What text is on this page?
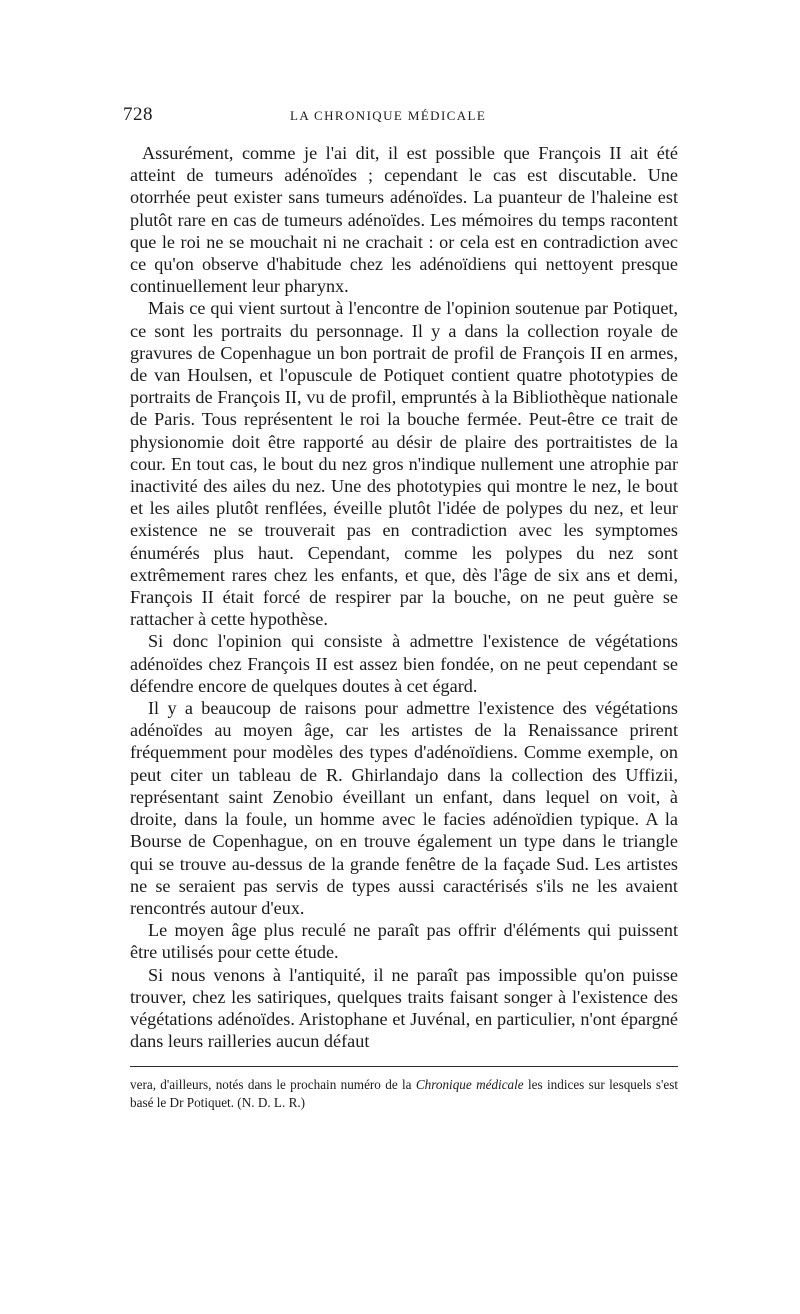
728	LA CHRONIQUE MÉDICALE

Assurément, comme je l'ai dit, il est possible que François II ait été atteint de tumeurs adénoïdes ; cependant le cas est discutable. Une otorrhée peut exister sans tumeurs adénoïdes. La puanteur de l'haleine est plutôt rare en cas de tumeurs adénoïdes. Les mémoires du temps racontent que le roi ne se mouchait ni ne crachait : or cela est en contradiction avec ce qu'on observe d'habitude chez les adénoïdiens qui nettoyent presque continuellement leur pharynx.

Mais ce qui vient surtout à l'encontre de l'opinion soutenue par Potiquet, ce sont les portraits du personnage. Il y a dans la collection royale de gravures de Copenhague un bon portrait de profil de François II en armes, de van Houlsen, et l'opuscule de Potiquet contient quatre phototypies de portraits de François II, vu de profil, empruntés à la Bibliothèque nationale de Paris. Tous représentent le roi la bouche fermée. Peut-être ce trait de physionomie doit être rapporté au désir de plaire des portraitistes de la cour. En tout cas, le bout du nez gros n'indique nullement une atrophie par inactivité des ailes du nez. Une des phototypies qui montre le nez, le bout et les ailes plutôt renflées, éveille plutôt l'idée de polypes du nez, et leur existence ne se trouverait pas en contradiction avec les symptomes énumérés plus haut. Cependant, comme les polypes du nez sont extrêmement rares chez les enfants, et que, dès l'âge de six ans et demi, François II était forcé de respirer par la bouche, on ne peut guère se rattacher à cette hypothèse.

Si donc l'opinion qui consiste à admettre l'existence de végétations adénoïdes chez François II est assez bien fondée, on ne peut cependant se défendre encore de quelques doutes à cet égard.

Il y a beaucoup de raisons pour admettre l'existence des végétations adénoïdes au moyen âge, car les artistes de la Renaissance prirent fréquemment pour modèles des types d'adénoïdiens. Comme exemple, on peut citer un tableau de R. Ghirlandajo dans la collection des Uffizii, représentant saint Zenobio éveillant un enfant, dans lequel on voit, à droite, dans la foule, un homme avec le facies adénoïdien typique. A la Bourse de Copenhague, on en trouve également un type dans le triangle qui se trouve au-dessus de la grande fenêtre de la façade Sud. Les artistes ne se seraient pas servis de types aussi caractérisés s'ils ne les avaient rencontrés autour d'eux.

Le moyen âge plus reculé ne paraît pas offrir d'éléments qui puissent être utilisés pour cette étude.

Si nous venons à l'antiquité, il ne paraît pas impossible qu'on puisse trouver, chez les satiriques, quelques traits faisant songer à l'existence des végétations adénoïdes. Aristophane et Juvénal, en particulier, n'ont épargné dans leurs railleries aucun défaut

vera, d'ailleurs, notés dans le prochain numéro de la Chronique médicale les indices sur lesquels s'est basé le Dr Potiquet. (N. D. L. R.)
